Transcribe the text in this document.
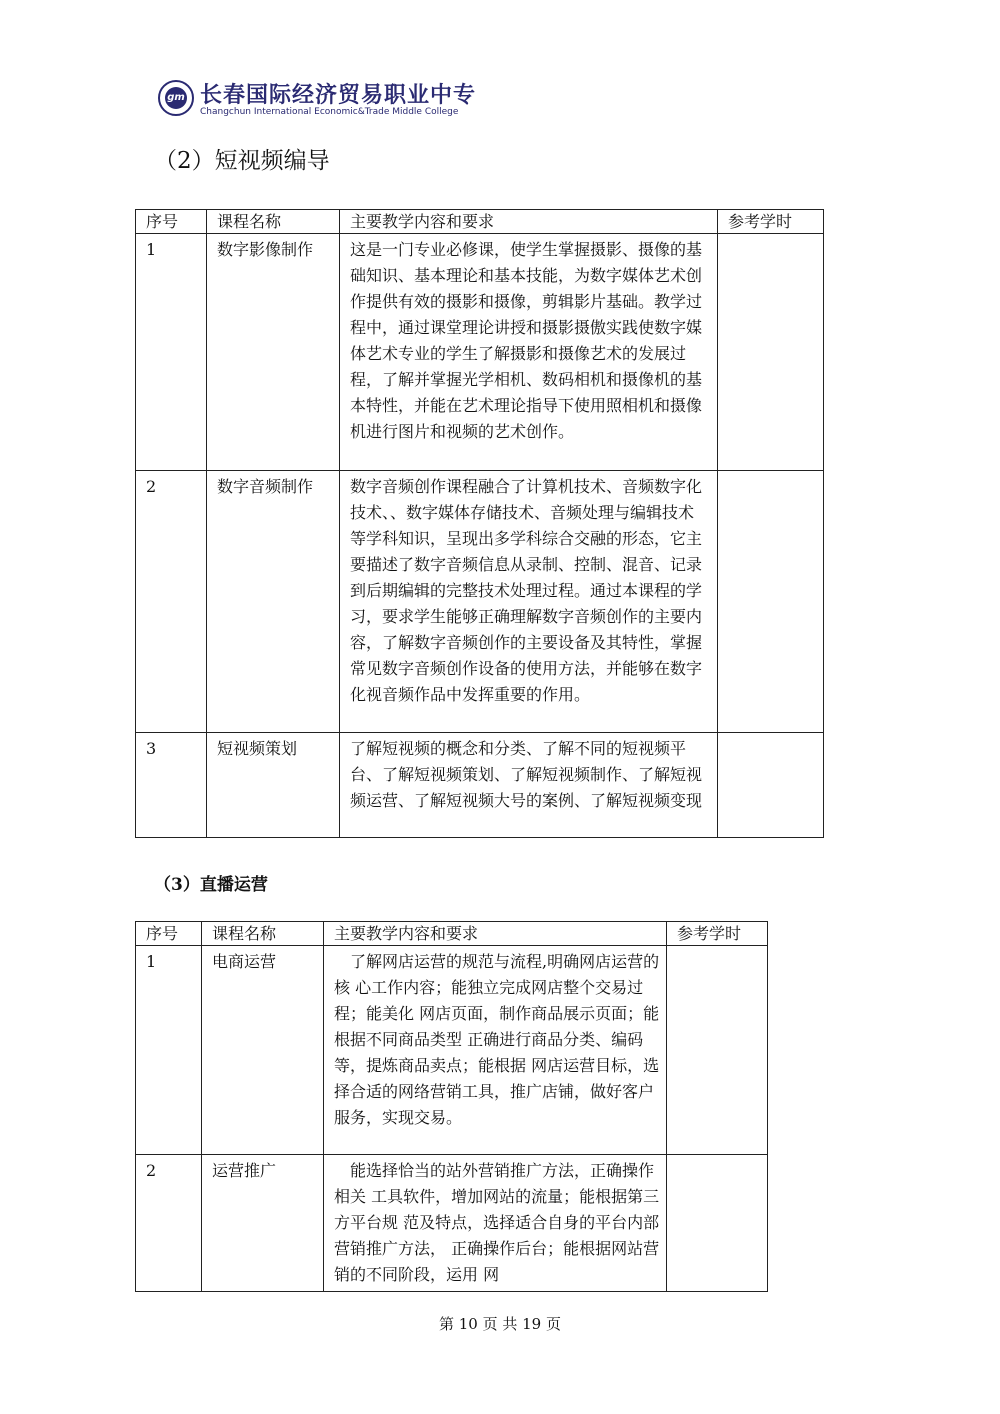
gm 长春国际经济贸易职业中专
Changchun International Economic&Trade Middle College
（2）短视频编导
序号	课程名称	主要教学内容和要求	参考学时
1	数字影像制作	这是一门专业必修课，使学生掌握摄影、摄像的基础知识、基本理论和基本技能，为数字媒体艺术创作提供有效的摄影和摄像，剪辑影片基础。教学过程中，通过课堂理论讲授和摄影摄傲实践使数字媒体艺术专业的学生了解摄影和摄像艺术的发展过程，了解并掌握光学相机、数码相机和摄像机的基本特性，并能在艺术理论指导下使用照相机和摄像机进行图片和视频的艺术创作。	
2	数字音频制作	数字音频创作课程融合了计算机技术、音频数字化技术、、数字媒体存储技术、音频处理与编辑技术等学科知识，呈现出多学科综合交融的形态，它主要描述了数字音频信息从录制、控制、混音、记录到后期编辑的完整技术处理过程。通过本课程的学习，要求学生能够正确理解数字音频创作的主要内容，了解数字音频创作的主要设备及其特性，掌握常见数字音频创作设备的使用方法，并能够在数字化视音频作品中发挥重要的作用。	
3	短视频策划	了解短视频的概念和分类、了解不同的短视频平台、了解短视频策划、了解短视频制作、了解短视频运营、了解短视频大号的案例、了解短视频变现	
（3）直播运营
序号	课程名称	主要教学内容和要求	参考学时
1	电商运营	了解网店运营的规范与流程,明确网店运营的核 心工作内容；能独立完成网店整个交易过程；能美化 网店页面，制作商品展示页面；能根据不同商品类型 正确进行商品分类、编码等，提炼商品卖点；能根据 网店运营目标，选择合适的网络营销工具，推广店铺，做好客户服务，实现交易。	
2	运营推广	能选择恰当的站外营销推广方法，正确操作相关 工具软件，增加网站的流量；能根据第三方平台规 范及特点，选择适合自身的平台内部营销推广方法， 正确操作后台；能根据网站营销的不同阶段，运用 网	
第 10 页 共 19 页
